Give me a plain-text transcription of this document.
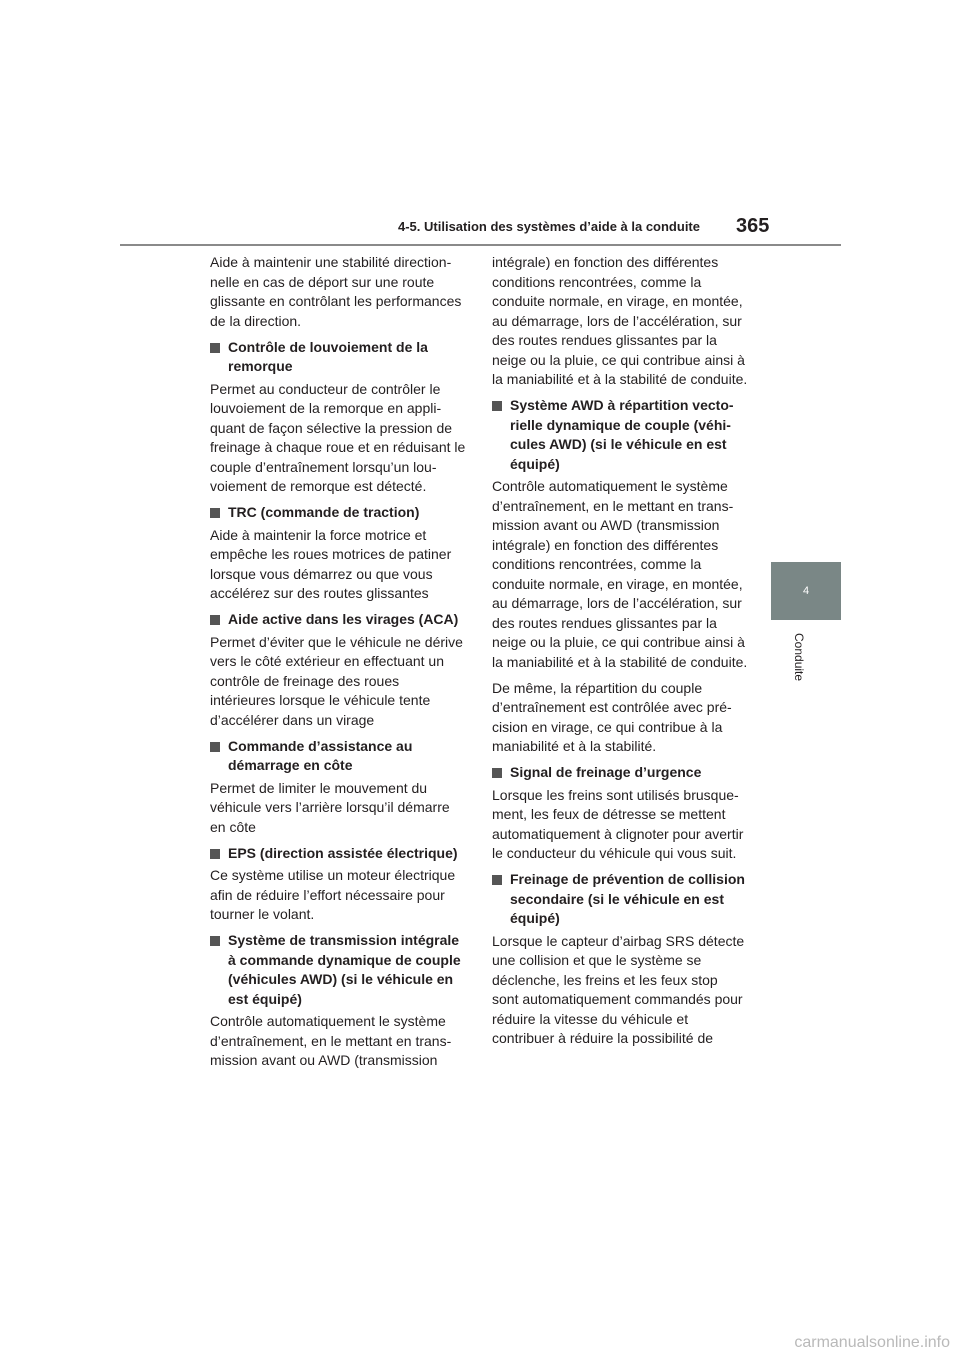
4-5. Utilisation des systèmes d’aide à la conduite 365
4
Conduite

Aide à maintenir une stabilité directionnelle en cas de déport sur une route glissante en contrôlant les performances de la direction.

Contrôle de louvoiement de la remorque

Permet au conducteur de contrôler le louvoiement de la remorque en appliquant de façon sélective la pression de freinage à chaque roue et en réduisant le couple d’entraînement lorsqu’un louvoiement de remorque est détecté.

TRC (commande de traction)

Aide à maintenir la force motrice et empêche les roues motrices de patiner lorsque vous démarrez ou que vous accélérez sur des routes glissantes

Aide active dans les virages (ACA)

Permet d’éviter que le véhicule ne dérive vers le côté extérieur en effectuant un contrôle de freinage des roues intérieures lorsque le véhicule tente d’accélérer dans un virage

Commande d’assistance au démarrage en côte

Permet de limiter le mouvement du véhicule vers l’arrière lorsqu’il démarre en côte

EPS (direction assistée électrique)

Ce système utilise un moteur électrique afin de réduire l’effort nécessaire pour tourner le volant.

Système de transmission intégrale à commande dynamique de couple (véhicules AWD) (si le véhicule en est équipé)

Contrôle automatiquement le système d’entraînement, en le mettant en transmission avant ou AWD (transmission

intégrale) en fonction des différentes conditions rencontrées, comme la conduite normale, en virage, en montée, au démarrage, lors de l’accélération, sur des routes rendues glissantes par la neige ou la pluie, ce qui contribue ainsi à la maniabilité et à la stabilité de conduite.

Système AWD à répartition vectorielle dynamique de couple (véhicules AWD) (si le véhicule en est équipé)

Contrôle automatiquement le système d’entraînement, en le mettant en transmission avant ou AWD (transmission intégrale) en fonction des différentes conditions rencontrées, comme la conduite normale, en virage, en montée, au démarrage, lors de l’accélération, sur des routes rendues glissantes par la neige ou la pluie, ce qui contribue ainsi à la maniabilité et à la stabilité de conduite.

De même, la répartition du couple d’entraînement est contrôlée avec précision en virage, ce qui contribue à la maniabilité et à la stabilité.

Signal de freinage d’urgence

Lorsque les freins sont utilisés brusquement, les feux de détresse se mettent automatiquement à clignoter pour avertir le conducteur du véhicule qui vous suit.

Freinage de prévention de collision secondaire (si le véhicule en est équipé)

Lorsque le capteur d’airbag SRS détecte une collision et que le système se déclenche, les freins et les feux stop sont automatiquement commandés pour réduire la vitesse du véhicule et contribuer à réduire la possibilité de

carmanualsonline.info
